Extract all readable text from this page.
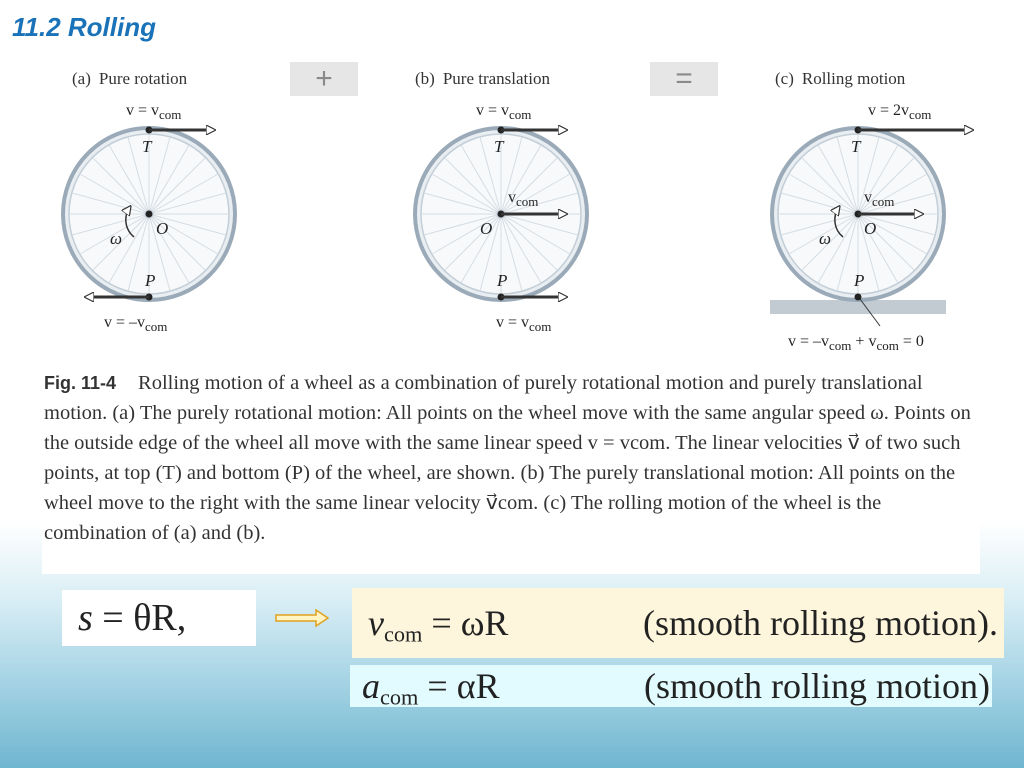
11.2 Rolling
+	=
(a) Pure rotation
$v = v_{com}$
$v = -v_{com}$
T
O
P
ω
(b) Pure translation
$v = v_{com}$
$v_{com}$
$v = v_{com}$
T
O
P
(c) Rolling motion
$v = 2v_{com}$
$v_{com}$
$v = -v_{com} + v_{com} = 0$
T
O
P
ω
Fig. 11-4 Rolling motion of a wheel as a combination of purely rotational motion and purely translational motion. (a) The purely rotational motion: All points on the wheel move with the same angular speed ω. Points on the outside edge of the wheel all move with the same linear speed v = vcom. The linear velocities v⃗ of two such points, at top (T) and bottom (P) of the wheel, are shown. (b) The purely translational motion: All points on the wheel move to the right with the same linear velocity v⃗com. (c) The rolling motion of the wheel is the combination of (a) and (b).
s = θR,	$v_{com} = \omega R$	(smooth rolling motion).
$a_{com} = \alpha R$	(smooth rolling motion)
